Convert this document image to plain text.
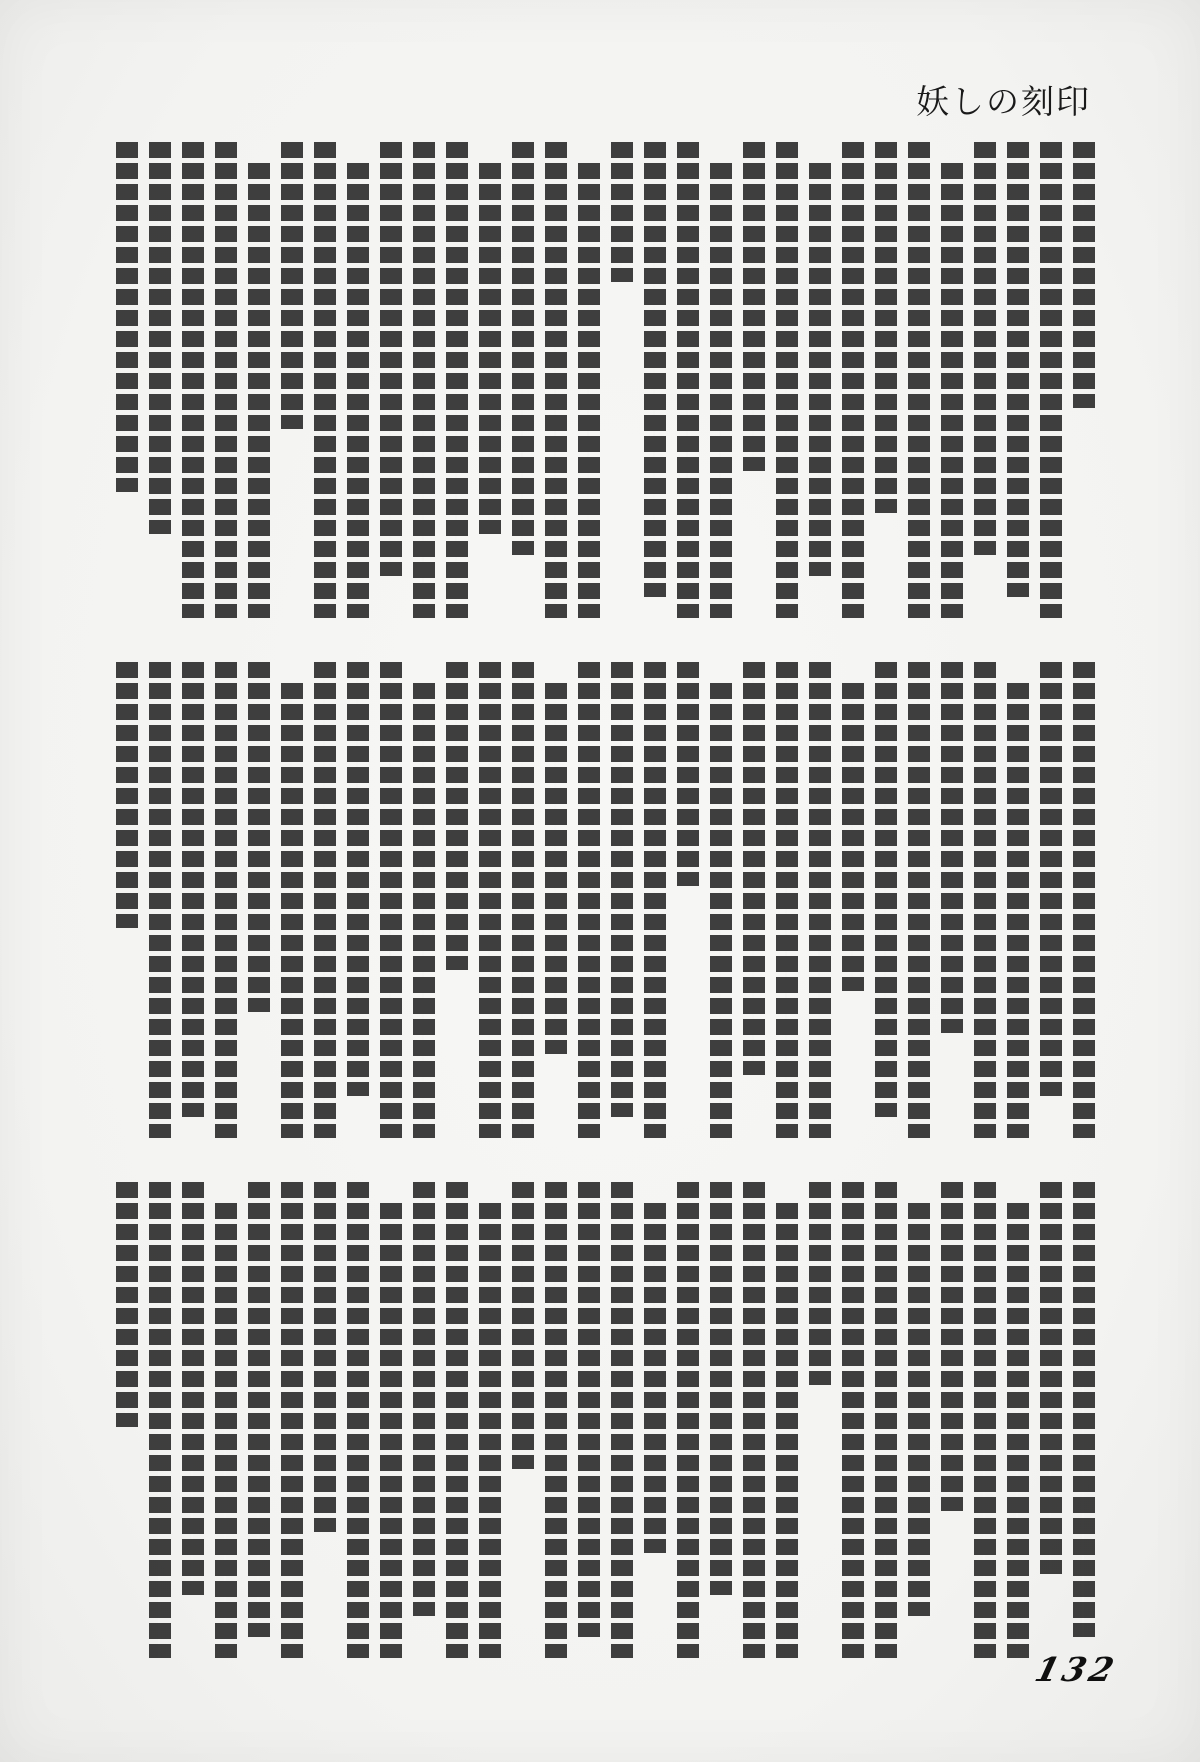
妖しの刻印
132
